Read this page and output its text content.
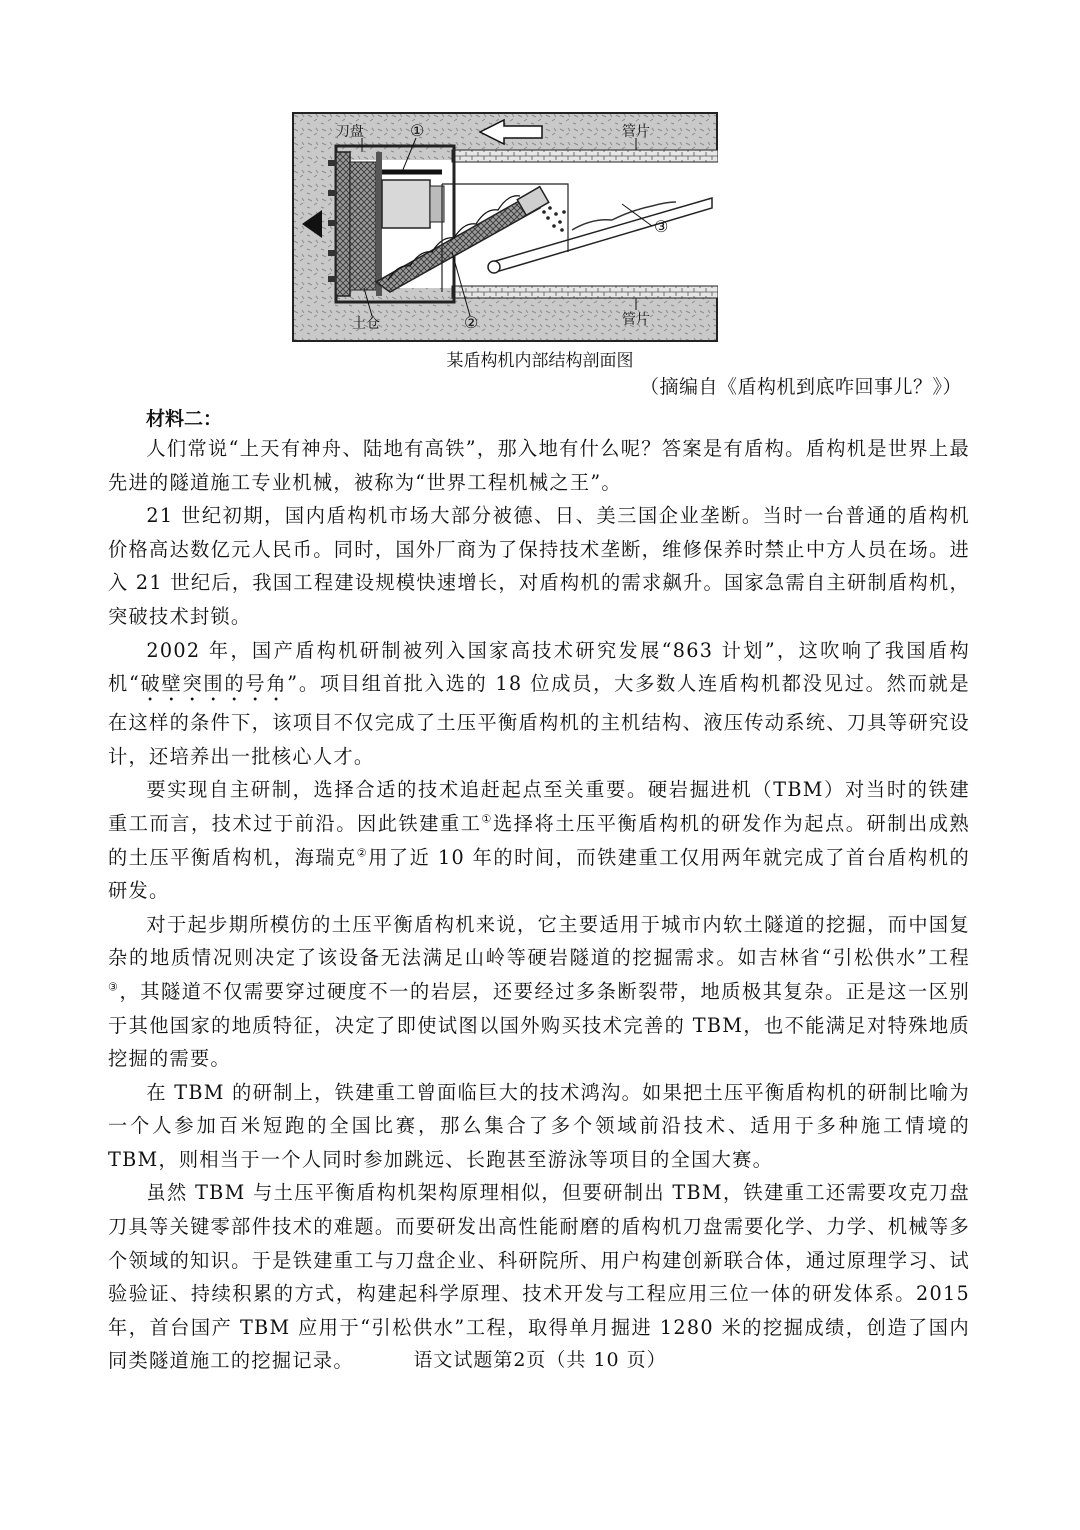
刀盘	①	管片
③
土仓	②	管片
某盾构机内部结构剖面图
（摘编自《盾构机到底咋回事儿？》）
材料二：

人们常说“上天有神舟、陆地有高铁”，那入地有什么呢？答案是有盾构。盾构机是世界上最先进的隧道施工专业机械，被称为“世界工程机械之王”。

21 世纪初期，国内盾构机市场大部分被德、日、美三国企业垄断。当时一台普通的盾构机价格高达数亿元人民币。同时，国外厂商为了保持技术垄断，维修保养时禁止中方人员在场。进入 21 世纪后，我国工程建设规模快速增长，对盾构机的需求飙升。国家急需自主研制盾构机，突破技术封锁。

2002 年，国产盾构机研制被列入国家高技术研究发展“863 计划”，这吹响了我国盾构机“破壁突围的号角”。项目组首批入选的 18 位成员，大多数人连盾构机都没见过。然而就是在这样的条件下，该项目不仅完成了土压平衡盾构机的主机结构、液压传动系统、刀具等研究设计，还培养出一批核心人才。

要实现自主研制，选择合适的技术追赶起点至关重要。硬岩掘进机（TBM）对当时的铁建重工而言，技术过于前沿。因此铁建重工①选择将土压平衡盾构机的研发作为起点。研制出成熟的土压平衡盾构机，海瑞克②用了近 10 年的时间，而铁建重工仅用两年就完成了首台盾构机的研发。

对于起步期所模仿的土压平衡盾构机来说，它主要适用于城市内软土隧道的挖掘，而中国复杂的地质情况则决定了该设备无法满足山岭等硬岩隧道的挖掘需求。如吉林省“引松供水”工程③，其隧道不仅需要穿过硬度不一的岩层，还要经过多条断裂带，地质极其复杂。正是这一区别于其他国家的地质特征，决定了即使试图以国外购买技术完善的 TBM，也不能满足对特殊地质挖掘的需要。

在 TBM 的研制上，铁建重工曾面临巨大的技术鸿沟。如果把土压平衡盾构机的研制比喻为一个人参加百米短跑的全国比赛，那么集合了多个领域前沿技术、适用于多种施工情境的 TBM，则相当于一个人同时参加跳远、长跑甚至游泳等项目的全国大赛。

虽然 TBM 与土压平衡盾构机架构原理相似，但要研制出 TBM，铁建重工还需要攻克刀盘刀具等关键零部件技术的难题。而要研发出高性能耐磨的盾构机刀盘需要化学、力学、机械等多个领域的知识。于是铁建重工与刀盘企业、科研院所、用户构建创新联合体，通过原理学习、试验验证、持续积累的方式，构建起科学原理、技术开发与工程应用三位一体的研发体系。2015 年，首台国产 TBM 应用于“引松供水”工程，取得单月掘进 1280 米的挖掘成绩，创造了国内同类隧道施工的挖掘记录。	语文试题第2页（共 10 页）
